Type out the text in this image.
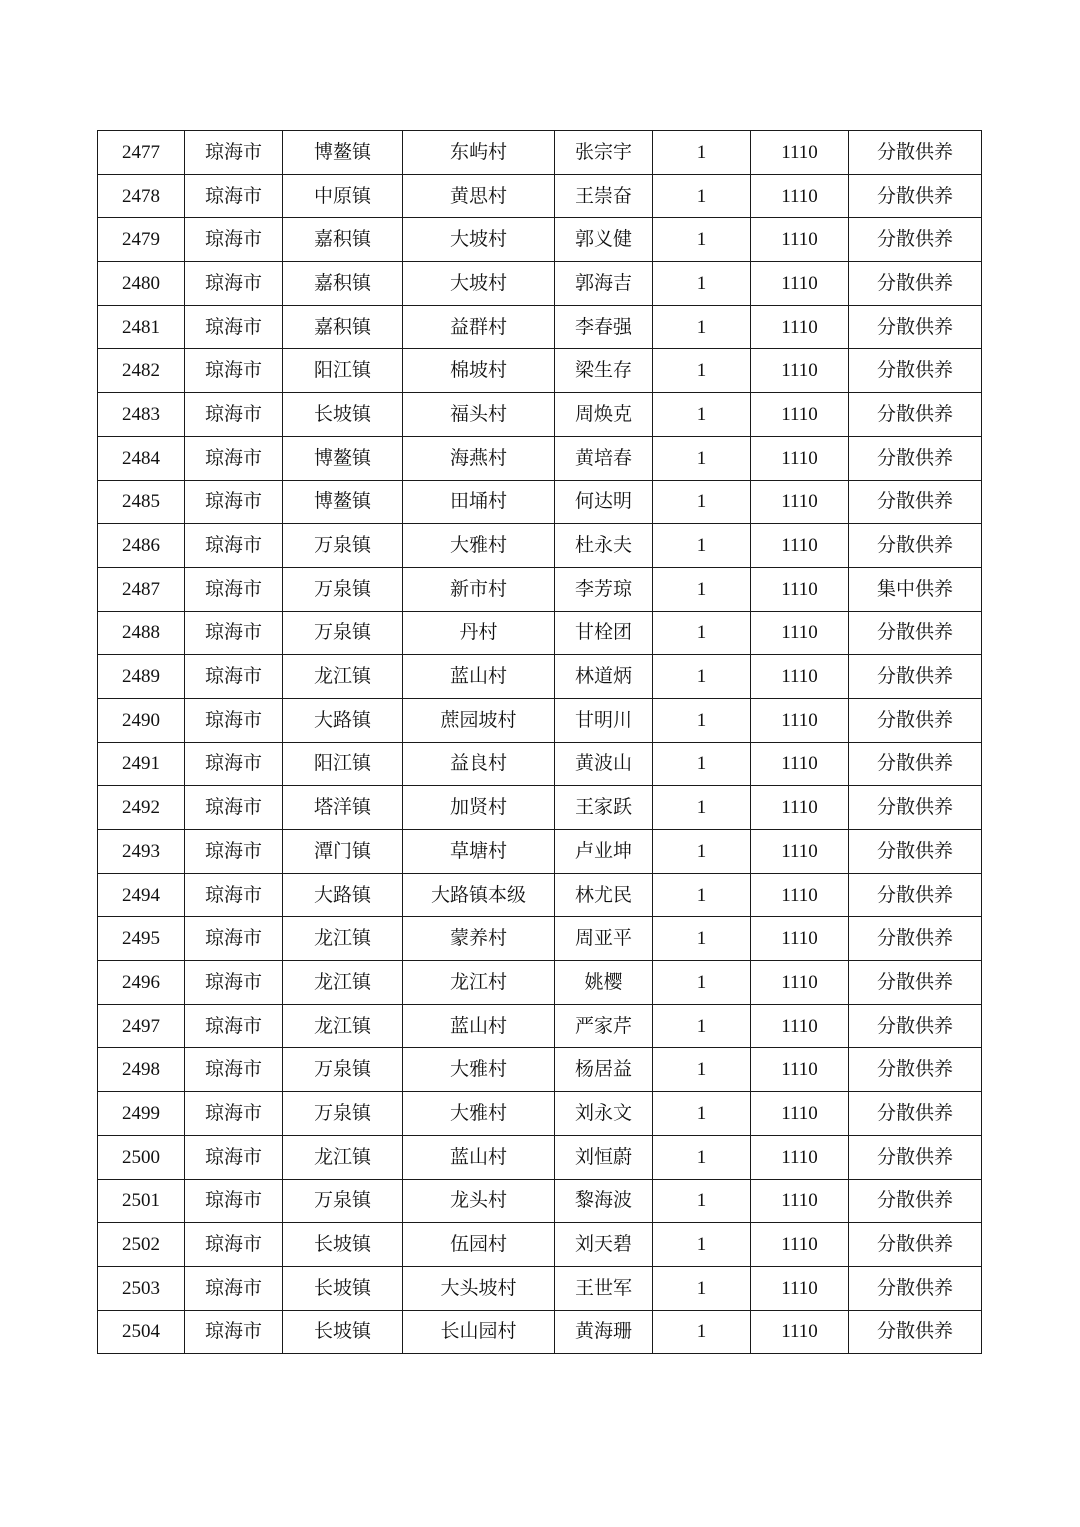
2477	琼海市	博鳌镇	东屿村	张宗宇	1	1110	分散供养
2478	琼海市	中原镇	黄思村	王崇奋	1	1110	分散供养
2479	琼海市	嘉积镇	大坡村	郭义健	1	1110	分散供养
2480	琼海市	嘉积镇	大坡村	郭海吉	1	1110	分散供养
2481	琼海市	嘉积镇	益群村	李春强	1	1110	分散供养
2482	琼海市	阳江镇	棉坡村	梁生存	1	1110	分散供养
2483	琼海市	长坡镇	福头村	周焕克	1	1110	分散供养
2484	琼海市	博鳌镇	海燕村	黄培春	1	1110	分散供养
2485	琼海市	博鳌镇	田埇村	何达明	1	1110	分散供养
2486	琼海市	万泉镇	大雅村	杜永夫	1	1110	分散供养
2487	琼海市	万泉镇	新市村	李芳琼	1	1110	集中供养
2488	琼海市	万泉镇	丹村	甘栓团	1	1110	分散供养
2489	琼海市	龙江镇	蓝山村	林道炳	1	1110	分散供养
2490	琼海市	大路镇	蔗园坡村	甘明川	1	1110	分散供养
2491	琼海市	阳江镇	益良村	黄波山	1	1110	分散供养
2492	琼海市	塔洋镇	加贤村	王家跃	1	1110	分散供养
2493	琼海市	潭门镇	草塘村	卢业坤	1	1110	分散供养
2494	琼海市	大路镇	大路镇本级	林尤民	1	1110	分散供养
2495	琼海市	龙江镇	蒙养村	周亚平	1	1110	分散供养
2496	琼海市	龙江镇	龙江村	姚樱	1	1110	分散供养
2497	琼海市	龙江镇	蓝山村	严家芹	1	1110	分散供养
2498	琼海市	万泉镇	大雅村	杨居益	1	1110	分散供养
2499	琼海市	万泉镇	大雅村	刘永文	1	1110	分散供养
2500	琼海市	龙江镇	蓝山村	刘恒蔚	1	1110	分散供养
2501	琼海市	万泉镇	龙头村	黎海波	1	1110	分散供养
2502	琼海市	长坡镇	伍园村	刘天碧	1	1110	分散供养
2503	琼海市	长坡镇	大头坡村	王世军	1	1110	分散供养
2504	琼海市	长坡镇	长山园村	黄海珊	1	1110	分散供养
